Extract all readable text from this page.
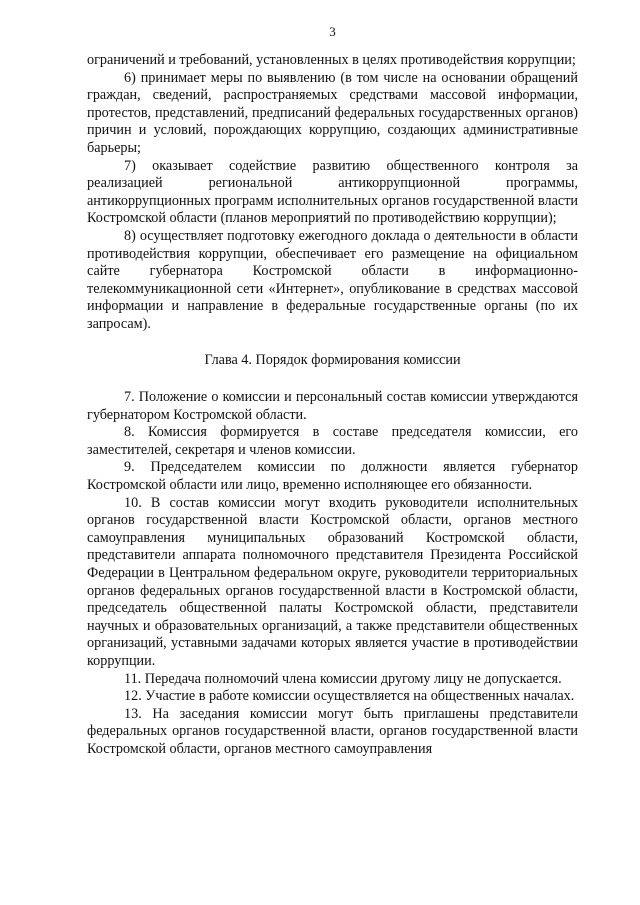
3

ограничений и требований, установленных в целях противодействия коррупции;

6) принимает меры по выявлению (в том числе на основании обращений граждан, сведений, распространяемых средствами массовой информации, протестов, представлений, предписаний федеральных государственных органов) причин и условий, порождающих коррупцию, создающих административные барьеры;

7) оказывает содействие развитию общественного контроля за реализацией региональной антикоррупционной программы, антикоррупционных программ исполнительных органов государственной власти Костромской области (планов мероприятий по противодействию коррупции);

8) осуществляет подготовку ежегодного доклада о деятельности в области противодействия коррупции, обеспечивает его размещение на официальном сайте губернатора Костромской области в информационно-телекоммуникационной сети «Интернет», опубликование в средствах массовой информации и направление в федеральные государственные органы (по их запросам).

Глава 4. Порядок формирования комиссии

7. Положение о комиссии и персональный состав комиссии утверждаются губернатором Костромской области.

8. Комиссия формируется в составе председателя комиссии, его заместителей, секретаря и членов комиссии.

9. Председателем комиссии по должности является губернатор Костромской области или лицо, временно исполняющее его обязанности.

10. В состав комиссии могут входить руководители исполнительных органов государственной власти Костромской области, органов местного самоуправления муниципальных образований Костромской области, представители аппарата полномочного представителя Президента Российской Федерации в Центральном федеральном округе, руководители территориальных органов федеральных органов государственной власти в Костромской области, председатель общественной палаты Костромской области, представители научных и образовательных организаций, а также представители общественных организаций, уставными задачами которых является участие в противодействии коррупции.

11. Передача полномочий члена комиссии другому лицу не допускается.

12. Участие в работе комиссии осуществляется на общественных началах.

13. На заседания комиссии могут быть приглашены представители федеральных органов государственной власти, органов государственной власти Костромской области, органов местного самоуправления
